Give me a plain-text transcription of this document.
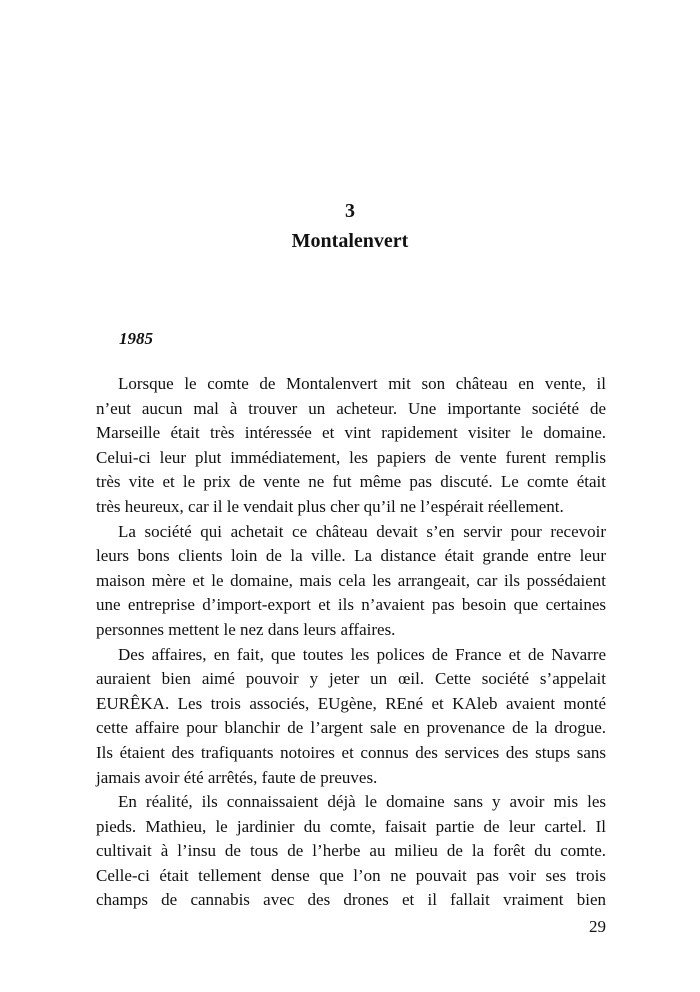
3
Montalenvert
1985
Lorsque le comte de Montalenvert mit son château en vente, il
n’eut aucun mal à trouver un acheteur. Une importante société de
Marseille était très intéressée et vint rapidement visiter le domaine.
Celui-ci leur plut immédiatement, les papiers de vente furent remplis
très vite et le prix de vente ne fut même pas discuté. Le comte était
très heureux, car il le vendait plus cher qu’il ne l’espérait réellement.
La société qui achetait ce château devait s’en servir pour recevoir
leurs bons clients loin de la ville. La distance était grande entre leur
maison mère et le domaine, mais cela les arrangeait, car ils possédaient
une entreprise d’import-export et ils n’avaient pas besoin que certaines
personnes mettent le nez dans leurs affaires.
Des affaires, en fait, que toutes les polices de France et de Navarre
auraient bien aimé pouvoir y jeter un œil. Cette société s’appelait
EURÊKA. Les trois associés, EUgène, REné et KAleb avaient monté
cette affaire pour blanchir de l’argent sale en provenance de la drogue.
Ils étaient des trafiquants notoires et connus des services des stups sans
jamais avoir été arrêtés, faute de preuves.
En réalité, ils connaissaient déjà le domaine sans y avoir mis les
pieds. Mathieu, le jardinier du comte, faisait partie de leur cartel. Il
cultivait à l’insu de tous de l’herbe au milieu de la forêt du comte.
Celle-ci était tellement dense que l’on ne pouvait pas voir ses trois
champs de cannabis avec des drones et il fallait vraiment bien
29
